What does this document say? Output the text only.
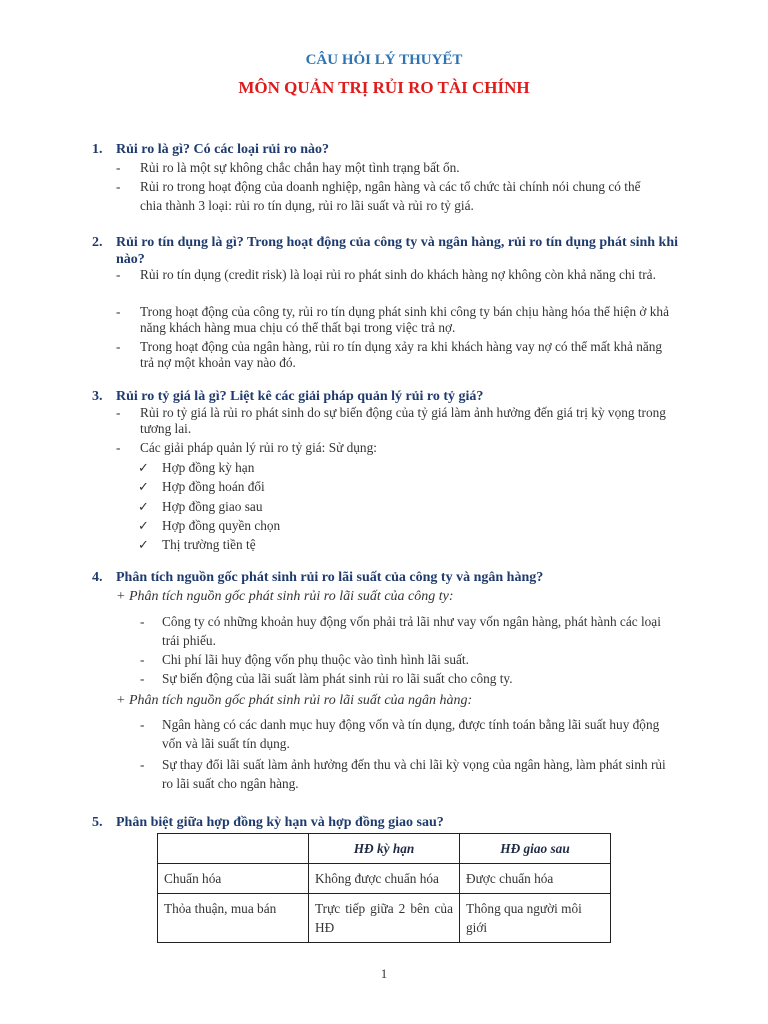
CÂU HỎI LÝ THUYẾT
MÔN QUẢN TRỊ RỦI RO TÀI CHÍNH
1. Rủi ro là gì? Có các loại rủi ro nào?
- Rủi ro là một sự không chắc chắn hay một tình trạng bất ổn.
- Rủi ro trong hoạt động của doanh nghiệp, ngân hàng và các tổ chức tài chính nói chung có thể chia thành 3 loại: rủi ro tín dụng, rủi ro lãi suất và rủi ro tỷ giá.
2. Rủi ro tín dụng là gì? Trong hoạt động của công ty và ngân hàng, rủi ro tín dụng phát sinh khi nào?
- Rủi ro tín dụng (credit risk) là loại rủi ro phát sinh do khách hàng nợ không còn khả năng chi trả.
- Trong hoạt động của công ty, rủi ro tín dụng phát sinh khi công ty bán chịu hàng hóa thể hiện ở khả năng khách hàng mua chịu có thể thất bại trong việc trả nợ.
- Trong hoạt động của ngân hàng, rủi ro tín dụng xảy ra khi khách hàng vay nợ có thể mất khả năng trả nợ một khoản vay nào đó.
3. Rủi ro tỷ giá là gì? Liệt kê các giải pháp quản lý rủi ro tỷ giá?
- Rủi ro tỷ giá là rủi ro phát sinh do sự biến động của tỷ giá làm ảnh hưởng đến giá trị kỳ vọng trong tương lai.
- Các giải pháp quản lý rủi ro tỷ giá: Sử dụng:
✓ Hợp đồng kỳ hạn
✓ Hợp đồng hoán đổi
✓ Hợp đồng giao sau
✓ Hợp đồng quyền chọn
✓ Thị trường tiền tệ
4. Phân tích nguồn gốc phát sinh rủi ro lãi suất của công ty và ngân hàng?
+ Phân tích nguồn gốc phát sinh rủi ro lãi suất của công ty:
- Công ty có những khoản huy động vốn phải trả lãi như vay vốn ngân hàng, phát hành các loại trái phiếu.
- Chi phí lãi huy động vốn phụ thuộc vào tình hình lãi suất.
- Sự biến động của lãi suất làm phát sinh rủi ro lãi suất cho công ty.
+ Phân tích nguồn gốc phát sinh rủi ro lãi suất của ngân hàng:
- Ngân hàng có các danh mục huy động vốn và tín dụng, được tính toán bằng lãi suất huy động vốn và lãi suất tín dụng.
- Sự thay đổi lãi suất làm ảnh hưởng đến thu và chi lãi kỳ vọng của ngân hàng, làm phát sinh rủi ro lãi suất cho ngân hàng.
5. Phân biệt giữa hợp đồng kỳ hạn và hợp đồng giao sau?
	HĐ kỳ hạn	HĐ giao sau
Chuẩn hóa	Không được chuẩn hóa	Được chuẩn hóa
Thỏa thuận, mua bán	Trực tiếp giữa 2 bên của HĐ	Thông qua người môi giới
1
